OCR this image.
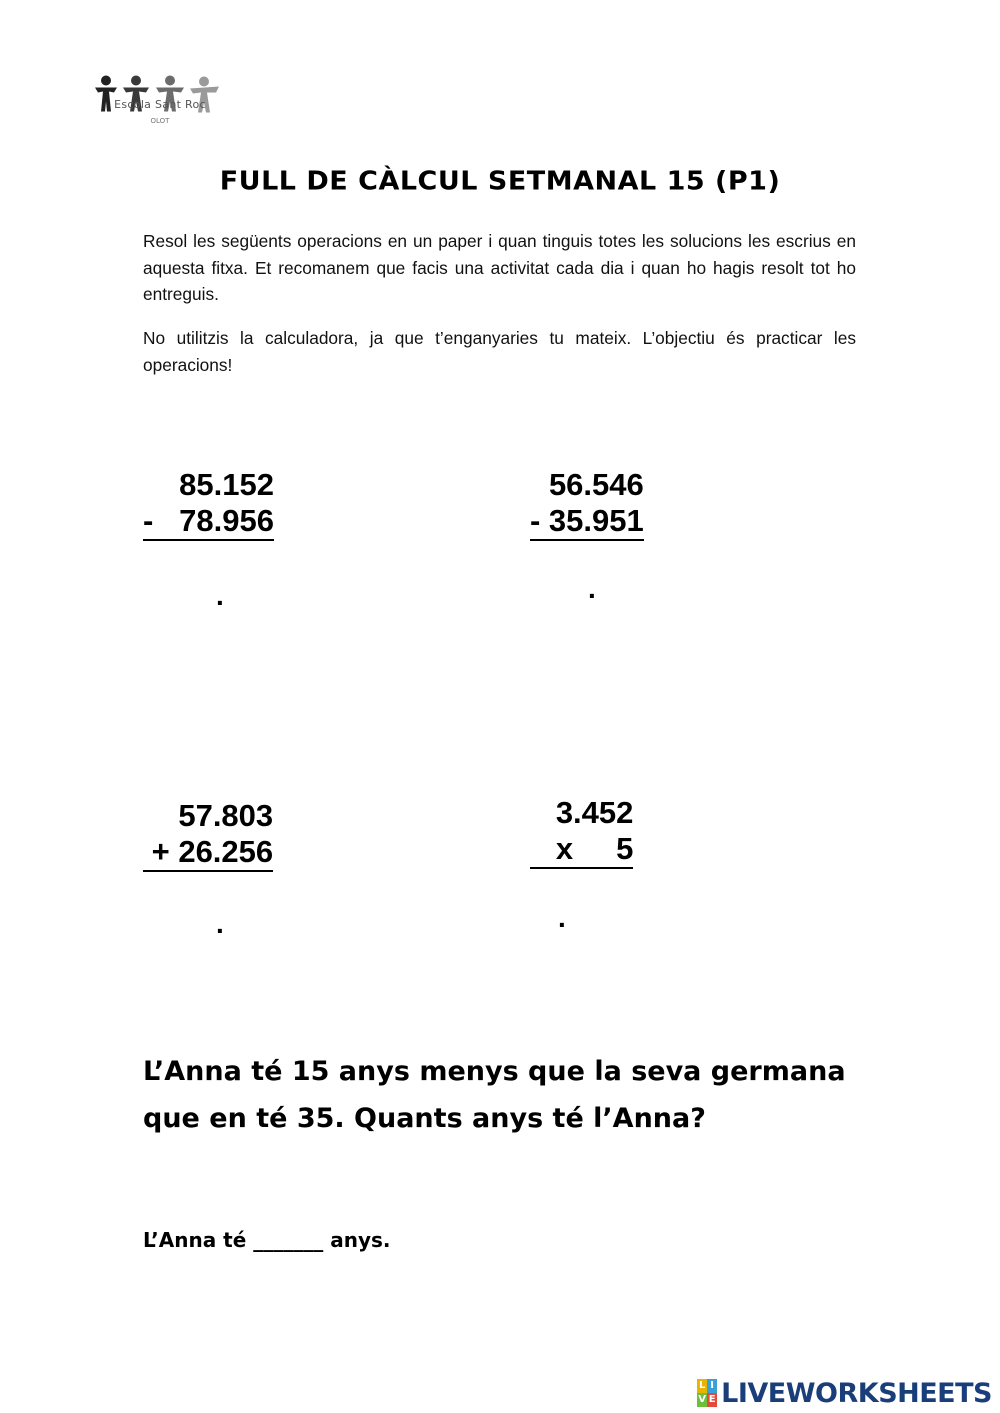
Escola Sant Roc
OLOT
FULL DE CÀLCUL SETMANAL 15 (P1)
Resol les següents operacions en un paper i quan tinguis totes les solucions les escrius en aquesta fitxa. Et recomanem que facis una activitat cada dia i quan ho hagis resolt tot ho entreguis.
No utilitzis la calculadora, ja que t’enganyaries tu mateix. L’objectiu és practicar les operacions!
85.152
-   78.956
.
56.546
- 35.951
.
57.803
+ 26.256
.
3.452
x     5
.
L’Anna té 15 anys menys que la seva germana que en té 35. Quants anys té l’Anna?
L’Anna té _______ anys.
L I
V E LIVEWORKSHEETS
